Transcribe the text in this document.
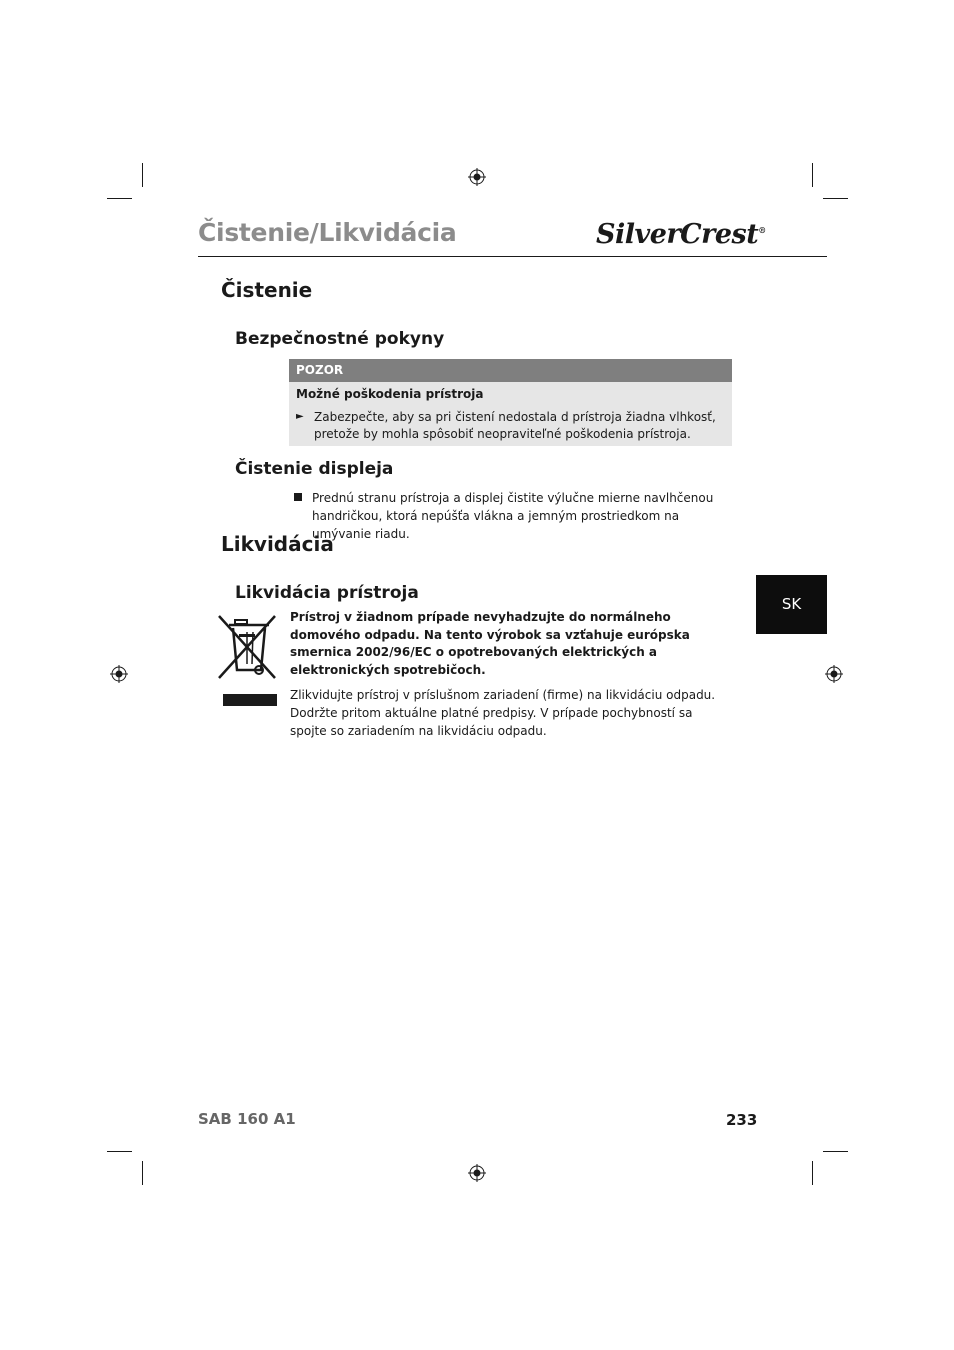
Čistenie/Likvidácia	SilverCrest®
Čistenie
Bezpečnostné pokyny
POZOR
Možné poškodenia prístroja
► Zabezpečte, aby sa pri čistení nedostala d prístroja žiadna vlhkosť, pretože by mohla spôsobiť neopraviteľné poškodenia prístroja.
Čistenie displeja
Prednú stranu prístroja a displej čistite výlučne mierne navlhčenou handričkou, ktorá nepúšťa vlákna a jemným prostriedkom na umývanie riadu.
Likvidácia
Likvidácia prístroja
Prístroj v žiadnom prípade nevyhadzujte do normálneho domového odpadu. Na tento výrobok sa vzťahuje európska smernica 2002/96/EC o opotrebovaných elektrických a elektronických spotrebičoch.
Zlikvidujte prístroj v príslušnom zariadení (firme) na likvidáciu odpadu. Dodržte pritom aktuálne platné predpisy. V prípade pochybností sa spojte so zariadením na likvidáciu odpadu.
SK
SAB 160 A1	233
